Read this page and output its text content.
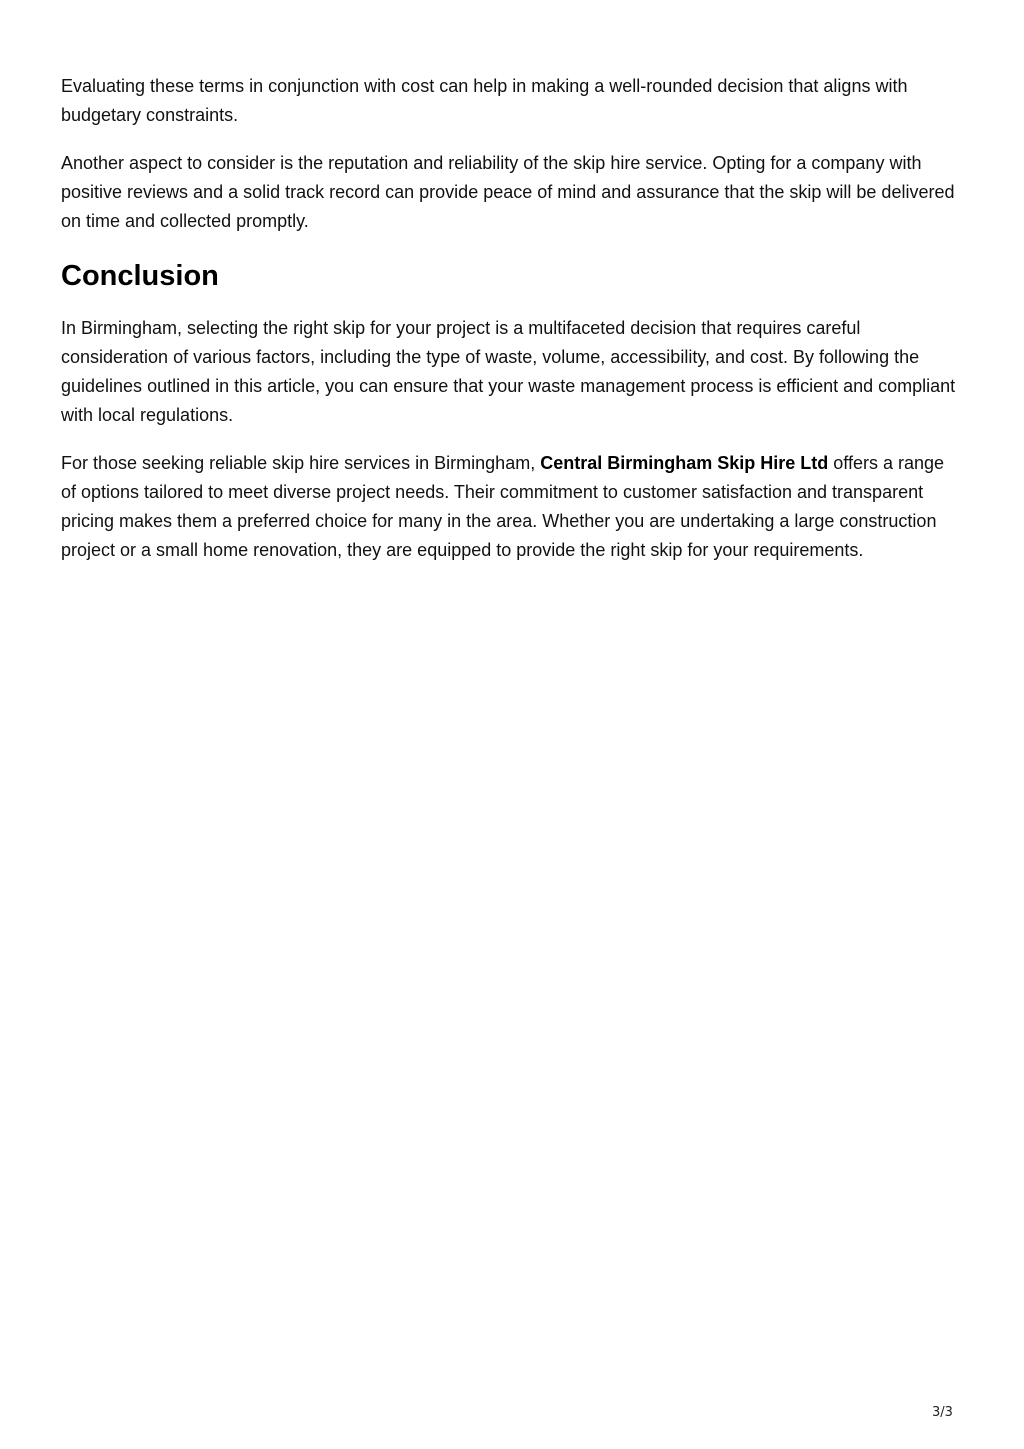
Evaluating these terms in conjunction with cost can help in making a well-rounded decision that aligns with budgetary constraints.

Another aspect to consider is the reputation and reliability of the skip hire service. Opting for a company with positive reviews and a solid track record can provide peace of mind and assurance that the skip will be delivered on time and collected promptly.

Conclusion

In Birmingham, selecting the right skip for your project is a multifaceted decision that requires careful consideration of various factors, including the type of waste, volume, accessibility, and cost. By following the guidelines outlined in this article, you can ensure that your waste management process is efficient and compliant with local regulations.

For those seeking reliable skip hire services in Birmingham, Central Birmingham Skip Hire Ltd offers a range of options tailored to meet diverse project needs. Their commitment to customer satisfaction and transparent pricing makes them a preferred choice for many in the area. Whether you are undertaking a large construction project or a small home renovation, they are equipped to provide the right skip for your requirements.

3/3
